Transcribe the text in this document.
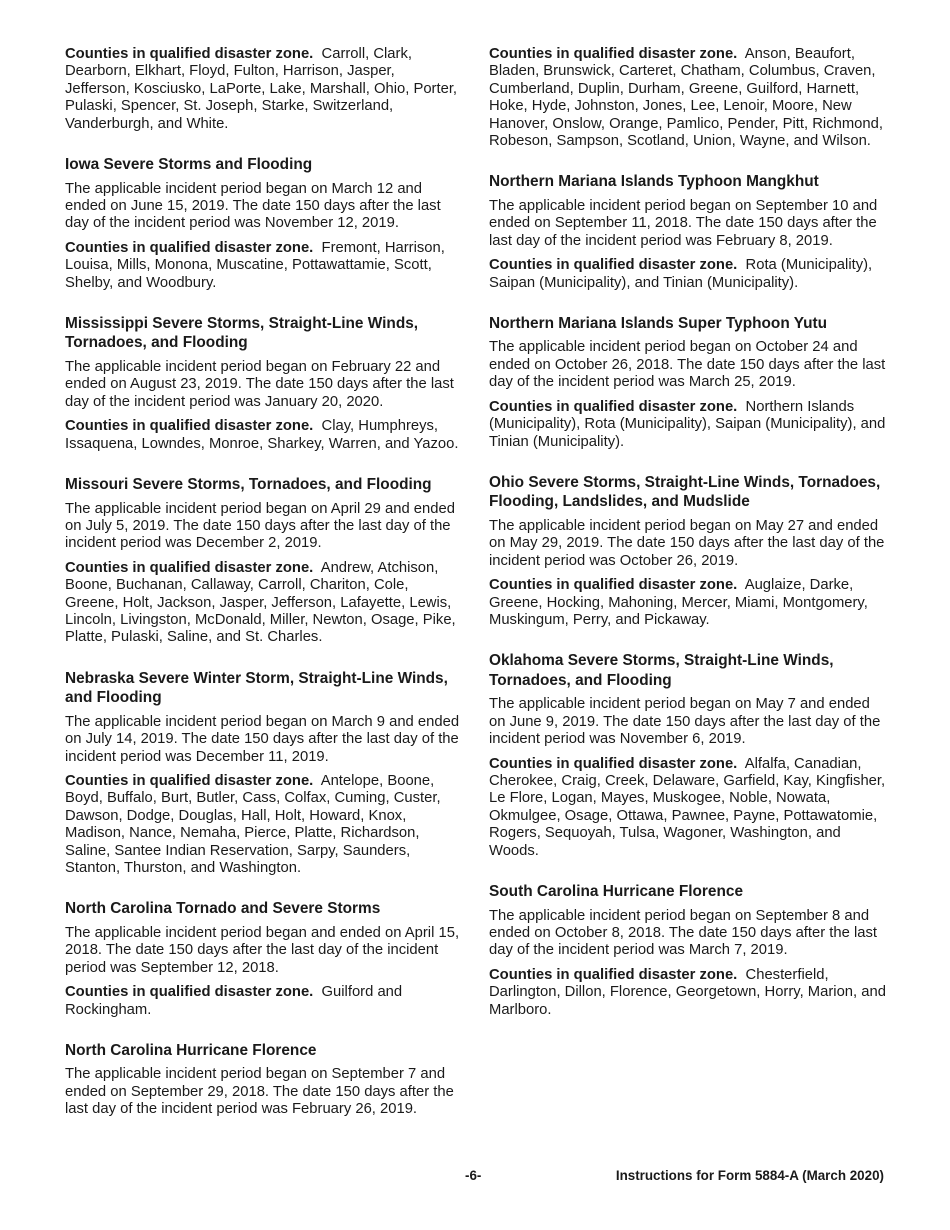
Counties in qualified disaster zone. Carroll, Clark, Dearborn, Elkhart, Floyd, Fulton, Harrison, Jasper, Jefferson, Kosciusko, LaPorte, Lake, Marshall, Ohio, Porter, Pulaski, Spencer, St. Joseph, Starke, Switzerland, Vanderburgh, and White.

Iowa Severe Storms and Flooding

The applicable incident period began on March 12 and ended on June 15, 2019. The date 150 days after the last day of the incident period was November 12, 2019.

Counties in qualified disaster zone. Fremont, Harrison, Louisa, Mills, Monona, Muscatine, Pottawattamie, Scott, Shelby, and Woodbury.

Mississippi Severe Storms, Straight-Line Winds, Tornadoes, and Flooding

The applicable incident period began on February 22 and ended on August 23, 2019. The date 150 days after the last day of the incident period was January 20, 2020.

Counties in qualified disaster zone. Clay, Humphreys, Issaquena, Lowndes, Monroe, Sharkey, Warren, and Yazoo.

Missouri Severe Storms, Tornadoes, and Flooding

The applicable incident period began on April 29 and ended on July 5, 2019. The date 150 days after the last day of the incident period was December 2, 2019.

Counties in qualified disaster zone. Andrew, Atchison, Boone, Buchanan, Callaway, Carroll, Chariton, Cole, Greene, Holt, Jackson, Jasper, Jefferson, Lafayette, Lewis, Lincoln, Livingston, McDonald, Miller, Newton, Osage, Pike, Platte, Pulaski, Saline, and St. Charles.

Nebraska Severe Winter Storm, Straight-Line Winds, and Flooding

The applicable incident period began on March 9 and ended on July 14, 2019. The date 150 days after the last day of the incident period was December 11, 2019.

Counties in qualified disaster zone. Antelope, Boone, Boyd, Buffalo, Burt, Butler, Cass, Colfax, Cuming, Custer, Dawson, Dodge, Douglas, Hall, Holt, Howard, Knox, Madison, Nance, Nemaha, Pierce, Platte, Richardson, Saline, Santee Indian Reservation, Sarpy, Saunders, Stanton, Thurston, and Washington.

North Carolina Tornado and Severe Storms

The applicable incident period began and ended on April 15, 2018. The date 150 days after the last day of the incident period was September 12, 2018.

Counties in qualified disaster zone. Guilford and Rockingham.

North Carolina Hurricane Florence

The applicable incident period began on September 7 and ended on September 29, 2018. The date 150 days after the last day of the incident period was February 26, 2019.

Counties in qualified disaster zone. Anson, Beaufort, Bladen, Brunswick, Carteret, Chatham, Columbus, Craven, Cumberland, Duplin, Durham, Greene, Guilford, Harnett, Hoke, Hyde, Johnston, Jones, Lee, Lenoir, Moore, New Hanover, Onslow, Orange, Pamlico, Pender, Pitt, Richmond, Robeson, Sampson, Scotland, Union, Wayne, and Wilson.

Northern Mariana Islands Typhoon Mangkhut

The applicable incident period began on September 10 and ended on September 11, 2018. The date 150 days after the last day of the incident period was February 8, 2019.

Counties in qualified disaster zone. Rota (Municipality), Saipan (Municipality), and Tinian (Municipality).

Northern Mariana Islands Super Typhoon Yutu

The applicable incident period began on October 24 and ended on October 26, 2018. The date 150 days after the last day of the incident period was March 25, 2019.

Counties in qualified disaster zone. Northern Islands (Municipality), Rota (Municipality), Saipan (Municipality), and Tinian (Municipality).

Ohio Severe Storms, Straight-Line Winds, Tornadoes, Flooding, Landslides, and Mudslide

The applicable incident period began on May 27 and ended on May 29, 2019. The date 150 days after the last day of the incident period was October 26, 2019.

Counties in qualified disaster zone. Auglaize, Darke, Greene, Hocking, Mahoning, Mercer, Miami, Montgomery, Muskingum, Perry, and Pickaway.

Oklahoma Severe Storms, Straight-Line Winds, Tornadoes, and Flooding

The applicable incident period began on May 7 and ended on June 9, 2019. The date 150 days after the last day of the incident period was November 6, 2019.

Counties in qualified disaster zone. Alfalfa, Canadian, Cherokee, Craig, Creek, Delaware, Garfield, Kay, Kingfisher, Le Flore, Logan, Mayes, Muskogee, Noble, Nowata, Okmulgee, Osage, Ottawa, Pawnee, Payne, Pottawatomie, Rogers, Sequoyah, Tulsa, Wagoner, Washington, and Woods.

South Carolina Hurricane Florence

The applicable incident period began on September 8 and ended on October 8, 2018. The date 150 days after the last day of the incident period was March 7, 2019.

Counties in qualified disaster zone. Chesterfield, Darlington, Dillon, Florence, Georgetown, Horry, Marion, and Marlboro.

-6-	Instructions for Form 5884-A (March 2020)
